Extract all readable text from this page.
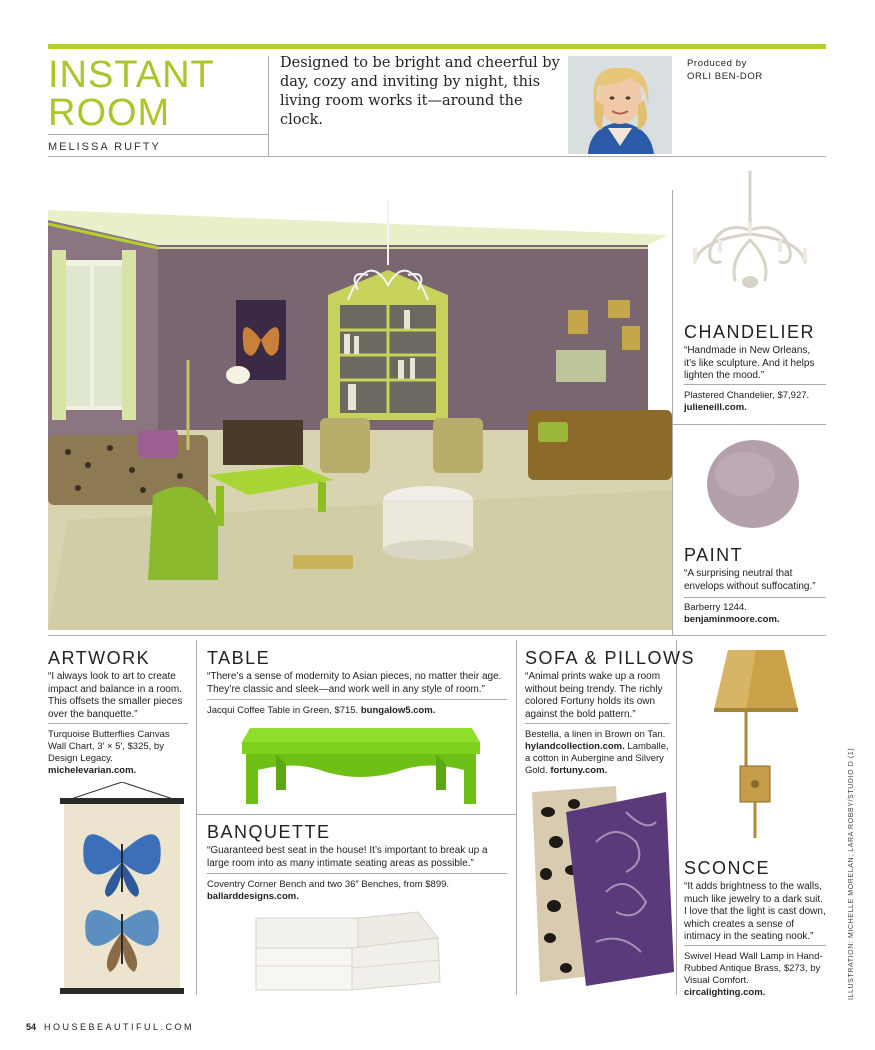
INSTANT
ROOM
MELISSA RUFTY
Designed to be bright and cheerful by day, cozy and inviting by night, this living room works it—around the clock.
Produced by
ORLI BEN-DOR
CHANDELIER
“Handmade in New Orleans, it’s like sculpture. And it helps lighten the mood.”
Plastered Chandelier, $7,927.
julieneill.com.
PAINT
“A surprising neutral that envelops without suffocating.”
Barberry 1244.
benjaminmoore.com.
ARTWORK
“I always look to art to create impact and balance in a room. This offsets the smaller pieces over the banquette.”
Turquoise Butterflies Canvas Wall Chart, 3′ × 5′, $325, by Design Legacy.
michelevarian.com.
TABLE
“There’s a sense of modernity to Asian pieces, no matter their age. They’re classic and sleek—and work well in any style of room.”
Jacqui Coffee Table in Green, $715. bungalow5.com.
BANQUETTE
“Guaranteed best seat in the house! It’s important to break up a large room into as many intimate seating areas as possible.”
Coventry Corner Bench and two 36″ Benches, from $899.
ballarddesigns.com.
SOFA & PILLOWS
“Animal prints wake up a room without being trendy. The richly colored Fortuny holds its own against the bold pattern.”
Bestella, a linen in Brown on Tan. hylandcollection.com. Lamballe, a cotton in Aubergine and Silvery Gold. fortuny.com.
SCONCE
“It adds brightness to the walls, much like jewelry to a dark suit. I love that the light is cast down, which creates a sense of intimacy in the seating nook.”
Swivel Head Wall Lamp in Hand-Rubbed Antique Brass, $273, by Visual Comfort.
circalighting.com.
54 HOUSEBEAUTIFUL.COM
ILLUSTRATION: MICHELLE MORELAN; LARA ROBBY/STUDIO D (1)
